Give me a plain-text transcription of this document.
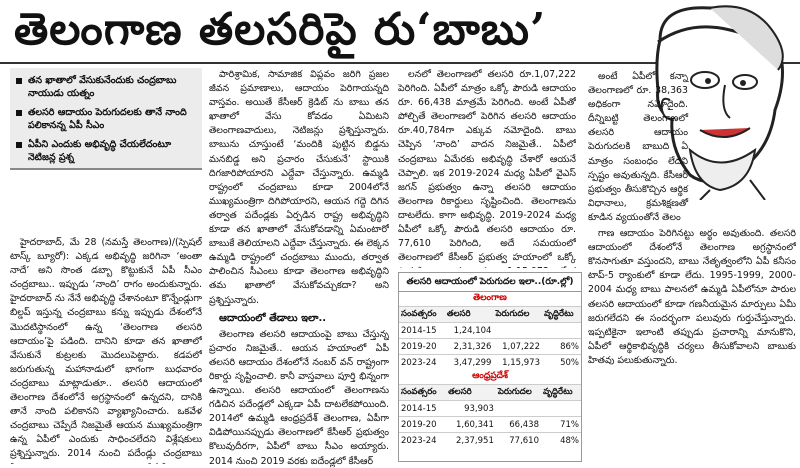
తెలంగాణ తలసరిపై రు‘బాబు’
తన ఖాతాలో వేసుకునేందుకు చంద్రబాబు నాయుడు యత్నం
తలసరి ఆదాయం పెరుగుదలకు తానే నాంది పలికానన్న ఏపీ సీఎం
ఏపీని ఎందుకు అభివృద్ధి చేయలేదంటూ నెటిజన్ల ప్రశ్న

హైదరాబాద్, మే 28 (నమస్తే తెలంగాణ)/(స్పెషల్ టాస్క్ బ్యూరో): ఎక్కడ అభివృద్ధి జరిగినా ‘అంతా నాదే’ అని సొంత డబ్బా కొట్టుకునే ఏపీ సీఎం చంద్రబాబు.. ఇప్పుడు ‘నాంది’ రాగం అందుకున్నారు. హైదరాబాద్ ను నేనే అభివృద్ధి చేశానంటూ కొన్నేండ్లుగా బిల్డప్ ఇస్తున్న చంద్రబాబు కన్ను ఇప్పుడు దేశంలోనే మొదటిస్థానంలో ఉన్న ‘తెలంగాణ తలసరి ఆదాయం’పై పడింది. దానిని కూడా తన ఖాతాలో వేసుకునే కుట్రలకు మొదలుపెట్టారు. కడపలో జరుగుతున్న మహానాడులో భాగంగా బుధవారం చంద్రబాబు మాట్లాడుతూ.. తలసరి ఆదాయంలో తెలంగాణ దేశంలోనే అగ్రస్థానంలో ఉన్నదని, దానికి తానే నాంది పలికానని వ్యాఖ్యానించారు. ఒకవేళ చంద్రబాబు చెప్పేదే నిజమైతే ఆయన ముఖ్యమంత్రిగా ఉన్న ఏపీలో ఎందుకు సాధించలేదని విశ్లేషకులు ప్రశ్నిస్తున్నారు. 2014 నుంచి పదేండ్లు చంద్రబాబు

పారిశ్రామిక, సామాజిక విప్లవం జరిగి ప్రజల జీవన ప్రమాణాలు, ఆదాయం పెరిగాయన్నది వాస్తవం. అయితే కేసీఆర్ క్రెడిట్ ను బాబు తన ఖాతాలో వేసు కోవడం ఏమిటని తెలంగాణవాదులు, నెటిజన్లు ప్రశ్నిస్తున్నారు. బాబును చూస్తుంటే ‘మందికి పుట్టిన బిడ్డను మనబిడ్డ అని ప్రచారం చేసుకునే’ స్టాయికి దిగజారిపోయారని ఎద్దేవా చేస్తున్నారు. ఉమ్మడి రాష్ట్రంలో చంద్రబాబు కూడా 2004లోనే ముఖ్యమంత్రిగా దిగిపోయారని, ఆయన గద్దె దిగిన తర్వాత పదేండ్లకు ఏర్పడిన రాష్ట్ర అభివృద్ధిని కూడా తన ఖాతాలో వేసుకోవడాన్ని ఏమంటారో బాబుకే తెలియాలని ఎద్దేవా చేస్తున్నారు. ఈ లెక్కన ఉమ్మడి రాష్ట్రంలో చంద్రబాబు ముందు, తర్వాత పాలించిన సీఎంలు కూడా తెలంగాణ అభివృద్ధిని తమ ఖాతాలో వేసుకోవచ్చుకదా? అని ప్రశ్నిస్తున్నారు.

ఆదాయంలో తేడాలు ఇలా..

తెలంగాణ తలసరి ఆదాయంపై బాబు చేస్తున్న ప్రచారం నిజమైతే.. ఆయన హయాంలో ఏపీ తలసరి ఆదాయం దేశంలోనే నంబర్ వన్ రాష్ట్రంగా రికార్డు సృష్టించాలి. కానీ వాస్తవాలు పూర్తి భిన్నంగా ఉన్నాయి. తలసరి ఆదాయంలో తెలంగాణను గడిచిన పదేండ్లలో ఎక్కడా ఏపీ దాటలేకపోయింది. 2014లో ఉమ్మడి ఆంధ్రప్రదేశ్ తెలంగాణ, ఏపీగా విడిపోయినప్పుడు తెలంగాణలో కేసీఆర్ ప్రభుత్వం కొలువుదీరగా, ఏపీలో బాబు సీఎం అయ్యారు. 2014 నుంచి 2019 వరకు ఐదేండ్లలో కేసీఆర్

లనలో తెలంగాణలో తలసరి రూ.1,07,222 పెరిగింది. ఏపీలో మాత్రం ఒక్కో పౌరుడి ఆదాయం రూ. 66,438 మాత్రమే పెరిగింది. అంటే ఏపీతో పోల్చితే తెలంగాణలో పెరిగిన తలసరి ఆదాయం రూ.40,784గా ఎక్కువ నమోదైంది. బాబు చెప్పిన ‘నాంది’ వాదన నిజమైతే.. ఏపీలో చంద్రబాబు ఏమేరకు అభివృద్ధి చేశారో ఆయనే చెప్పాలి. ఇక 2019-2024 మధ్య ఏపీలో వైఎస్ జగన్ ప్రభుత్వం ఉన్నా తలసరి ఆదాయం తెలంగాణ రికార్డులు సృష్టించింది. తెలంగాణను దాటలేదు. కాగా అభివృద్ధి. 2019-2024 మధ్య ఏపీలో ఒక్కో పౌరుడి తలసరి ఆదాయం రూ. 77,610 పెరిగింది, అదే సమయంలో తెలంగాణలో కేసీఆర్ ప్రభుత్వ హయాంలో ఒక్కో

అంటే ఏపీలో కన్నా తెలంగాణలో రూ. 38,363 అధికంగా నమోదైంది. దీన్నిబట్టి తెలంగాణలో తలసరి ఆదాయం పెరుగుదలకి బాబుది ఏ మాత్రం సంబంధం లేదని స్పష్టం అవుతున్నది. కేసీఆర్ ప్రభుత్వం తీసుకొచ్చిన ఆర్థిక విధానాలు, క్రమశిక్షణతో కూడిన వ్యయంతోనే తెలం

గాణ ఆదాయం పెరిగినట్టు అర్థం అవుతుంది. తలసరి ఆదాయంలో దేశంలోనే తెలంగాణ అగ్రస్థానంలో కొనసాగుతూ వస్తుందని, బాబు నేతృత్వంలోని ఏపీ కనీసం టాప్-5 ర్యాంకులో కూడా లేదు. 1995-1999, 2000-2004 మధ్య బాబు పాలనలో ఉమ్మడి ఏపీలోనూ పారుల తలసరి ఆదాయంలో కూడా గణనీయమైన మార్పులు ఏమీ జరుగలేదని ఈ సందర్భంగా పలువురు గుర్తుచేస్తున్నారు. ఇప్పటికైనా ఇలాంటి తప్పుడు ప్రచారాన్ని మానుకొని, ఏపీలో ఆర్థికాభివృద్ధికి చర్యలు తీసుకోవాలని బాబుకు హితవు పలుకుతున్నారు.

తలసరి ఆదాయంలో పెరుగుదల ఇలా..(రూ.ల్లో)
తెలంగాణ
సంవత్సరం	తలసరి	పెరుగుదల	వృద్ధిరేటు
2014-15	1,24,104		
2019-20	2,31,326	1,07,222	86%
2023-24	3,47,299	1,15,973	50%
ఆంధ్రప్రదేశ్
సంవత్సరం	తలసరి	పెరుగుదల	వృద్ధిరేటు
2014-15	93,903		
2019-20	1,60,341	66,438	71%
2023-24	2,37,951	77,610	48%
